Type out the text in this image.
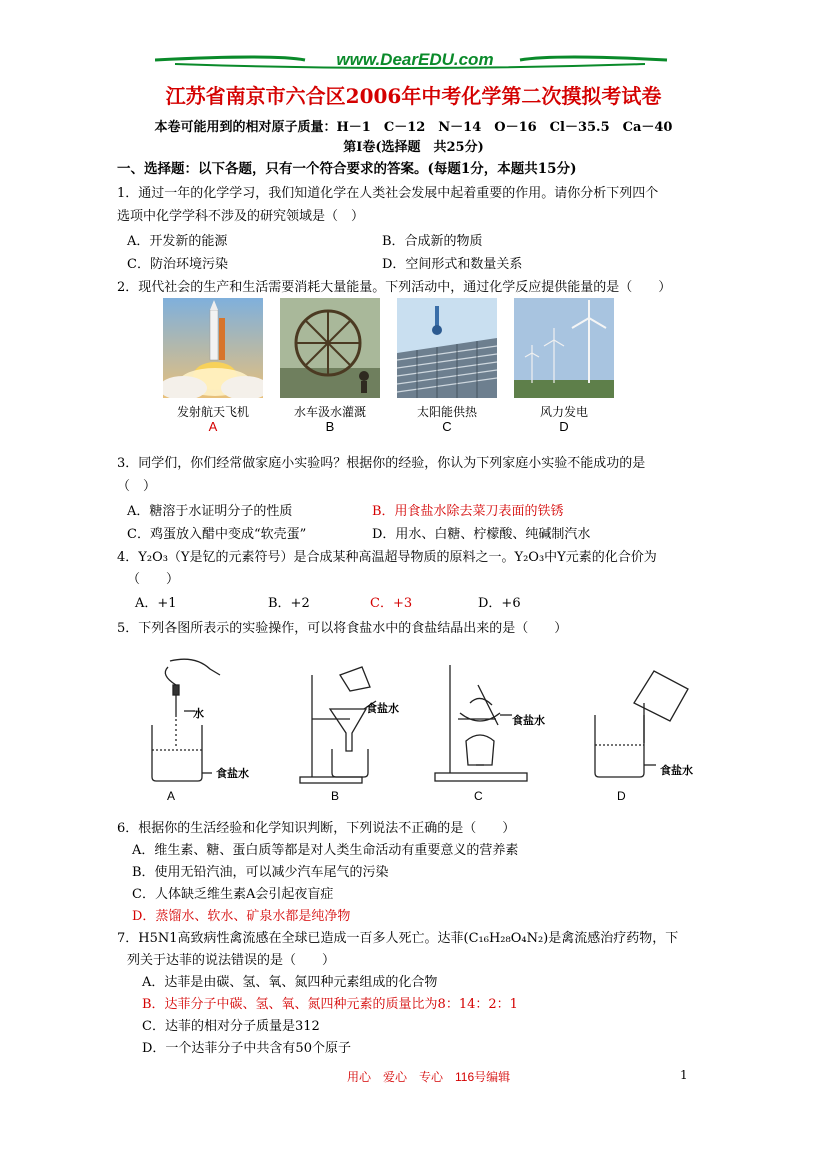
www.DearEDU.com
江苏省南京市六合区2006年中考化学第二次摸拟考试卷
本卷可能用到的相对原子质量：H－1　C－12　N－14　O－16　Cl－35.5　Ca－40
第Ⅰ卷(选择题　共25分)
一、选择题：以下各题，只有一个符合要求的答案。(每题1分，本题共15分)
1．通过一年的化学学习，我们知道化学在人类社会发展中起着重要的作用。请你分析下列四个
选项中化学学科不涉及的研究领域是（　）
A．开发新的能源	B．合成新的物质
C．防治环境污染	D．空间形式和数量关系
2．现代社会的生产和生活需要消耗大量能量。下列活动中，通过化学反应提供能量的是（　　）
发射航天飞机	水车汲水灌溉	太阳能供热	风力发电
A	B	C	D
3．同学们，你们经常做家庭小实验吗？根据你的经验，你认为下列家庭小实验不能成功的是
（　）
A．糖溶于水证明分子的性质	B．用食盐水除去菜刀表面的铁锈
C．鸡蛋放入醋中变成“软壳蛋”	D．用水、白糖、柠檬酸、纯碱制汽水
4．Y₂O₃（Y是钇的元素符号）是合成某种高温超导物质的原料之一。Y₂O₃中Y元素的化合价为
（　　）
A．+1	B．+2	C．+3	D．+6
5．下列各图所表示的实验操作，可以将食盐水中的食盐结晶出来的是（　　）
水
食盐水
食盐水
食盐水
食盐水
A	B	C	D
6．根据你的生活经验和化学知识判断，下列说法不正确的是（　　）
A．维生素、糖、蛋白质等都是对人类生命活动有重要意义的营养素
B．使用无铅汽油，可以减少汽车尾气的污染
C．人体缺乏维生素A会引起夜盲症
D．蒸馏水、软水、矿泉水都是纯净物
7．H5N1高致病性禽流感在全球已造成一百多人死亡。达菲(C₁₆H₂₈O₄N₂)是禽流感治疗药物，下
列关于达菲的说法错误的是（　　）
A．达菲是由碳、氢、氧、氮四种元素组成的化合物
B．达菲分子中碳、氢、氧、氮四种元素的质量比为8：14：2：1
C．达菲的相对分子质量是312
D．一个达菲分子中共含有50个原子
用心　爱心　专心　116号编辑	1
